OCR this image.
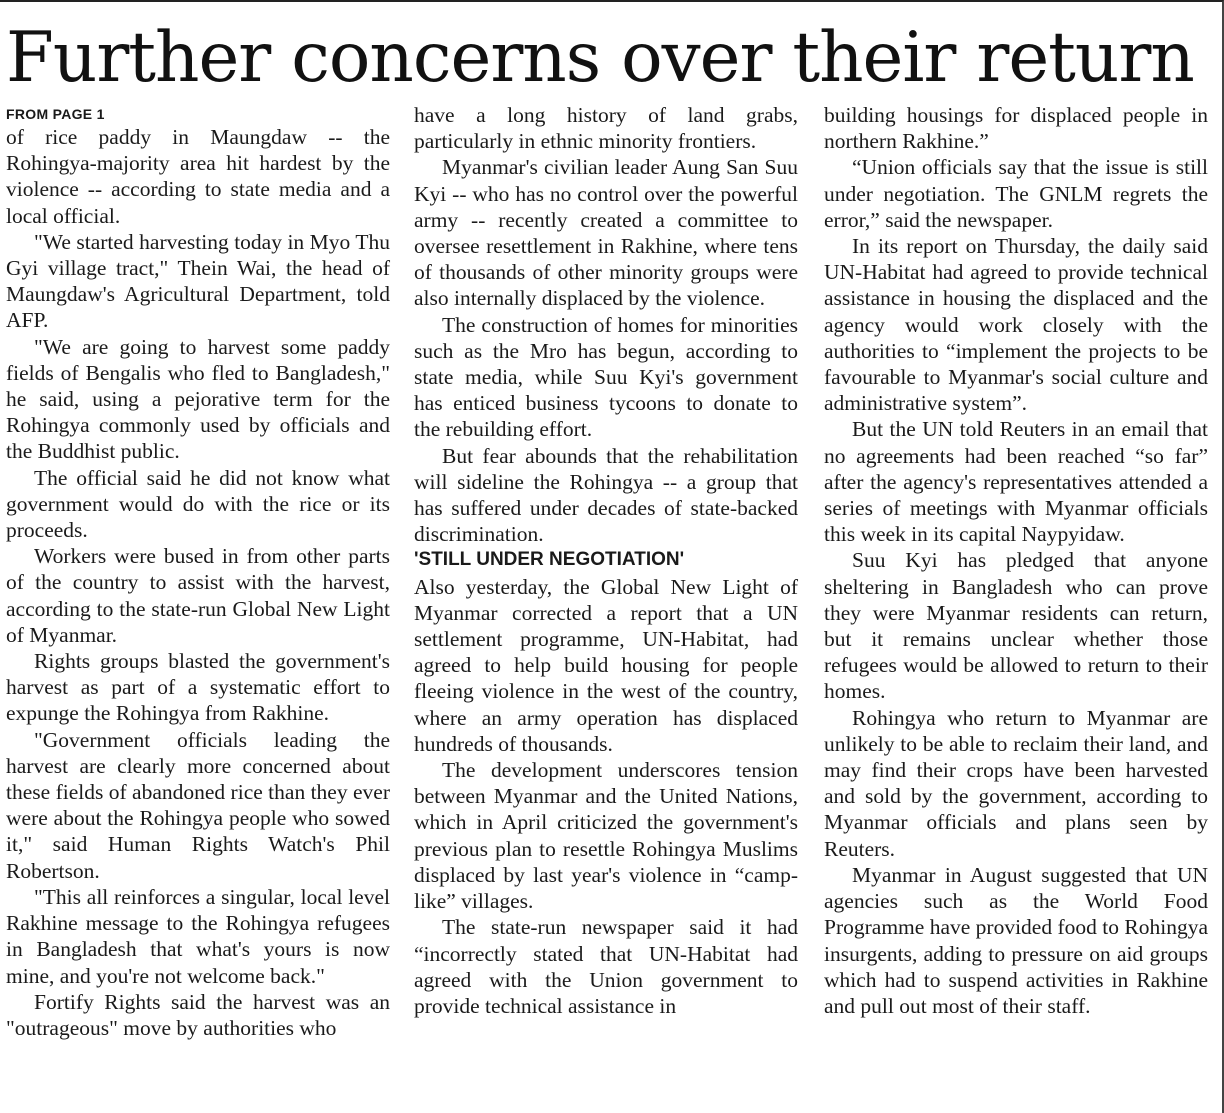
Further concerns over their return
FROM PAGE 1

of rice paddy in Maungdaw -- the Rohingya-majority area hit hardest by the violence -- according to state media and a local official.

"We started harvesting today in Myo Thu Gyi village tract," Thein Wai, the head of Maungdaw's Agricultural Department, told AFP.

"We are going to harvest some paddy fields of Bengalis who fled to Bangladesh," he said, using a pejorative term for the Rohingya commonly used by officials and the Buddhist public.

The official said he did not know what government would do with the rice or its proceeds.

Workers were bused in from other parts of the country to assist with the harvest, according to the state-run Global New Light of Myanmar.

Rights groups blasted the government's harvest as part of a systematic effort to expunge the Rohingya from Rakhine.

"Government officials leading the harvest are clearly more concerned about these fields of abandoned rice than they ever were about the Rohingya people who sowed it," said Human Rights Watch's Phil Robertson.

"This all reinforces a singular, local level Rakhine message to the Rohingya refugees in Bangladesh that what's yours is now mine, and you're not welcome back."

Fortify Rights said the harvest was an "outrageous" move by authorities who

have a long history of land grabs, particularly in ethnic minority frontiers.

Myanmar's civilian leader Aung San Suu Kyi -- who has no control over the powerful army -- recently created a committee to oversee resettlement in Rakhine, where tens of thousands of other minority groups were also internally displaced by the violence.

The construction of homes for minorities such as the Mro has begun, according to state media, while Suu Kyi's government has enticed business tycoons to donate to the rebuilding effort.

But fear abounds that the rehabilitation will sideline the Rohingya -- a group that has suffered under decades of state-backed discrimination.

'STILL UNDER NEGOTIATION'

Also yesterday, the Global New Light of Myanmar corrected a report that a UN settlement programme, UN-Habitat, had agreed to help build housing for people fleeing violence in the west of the country, where an army operation has displaced hundreds of thousands.

The development underscores tension between Myanmar and the United Nations, which in April criticized the government's previous plan to resettle Rohingya Muslims displaced by last year's violence in “camp-like” villages.

The state-run newspaper said it had “incorrectly stated that UN-Habitat had agreed with the Union government to provide technical assistance in

building housings for displaced people in northern Rakhine.”

“Union officials say that the issue is still under negotiation. The GNLM regrets the error,” said the newspaper.

In its report on Thursday, the daily said UN-Habitat had agreed to provide technical assistance in housing the displaced and the agency would work closely with the authorities to “implement the projects to be favourable to Myanmar's social culture and administrative system”.

But the UN told Reuters in an email that no agreements had been reached “so far” after the agency's representatives attended a series of meetings with Myanmar officials this week in its capital Naypyidaw.

Suu Kyi has pledged that anyone sheltering in Bangladesh who can prove they were Myanmar residents can return, but it remains unclear whether those refugees would be allowed to return to their homes.

Rohingya who return to Myanmar are unlikely to be able to reclaim their land, and may find their crops have been harvested and sold by the government, according to Myanmar officials and plans seen by Reuters.

Myanmar in August suggested that UN agencies such as the World Food Programme have provided food to Rohingya insurgents, adding to pressure on aid groups which had to suspend activities in Rakhine and pull out most of their staff.
